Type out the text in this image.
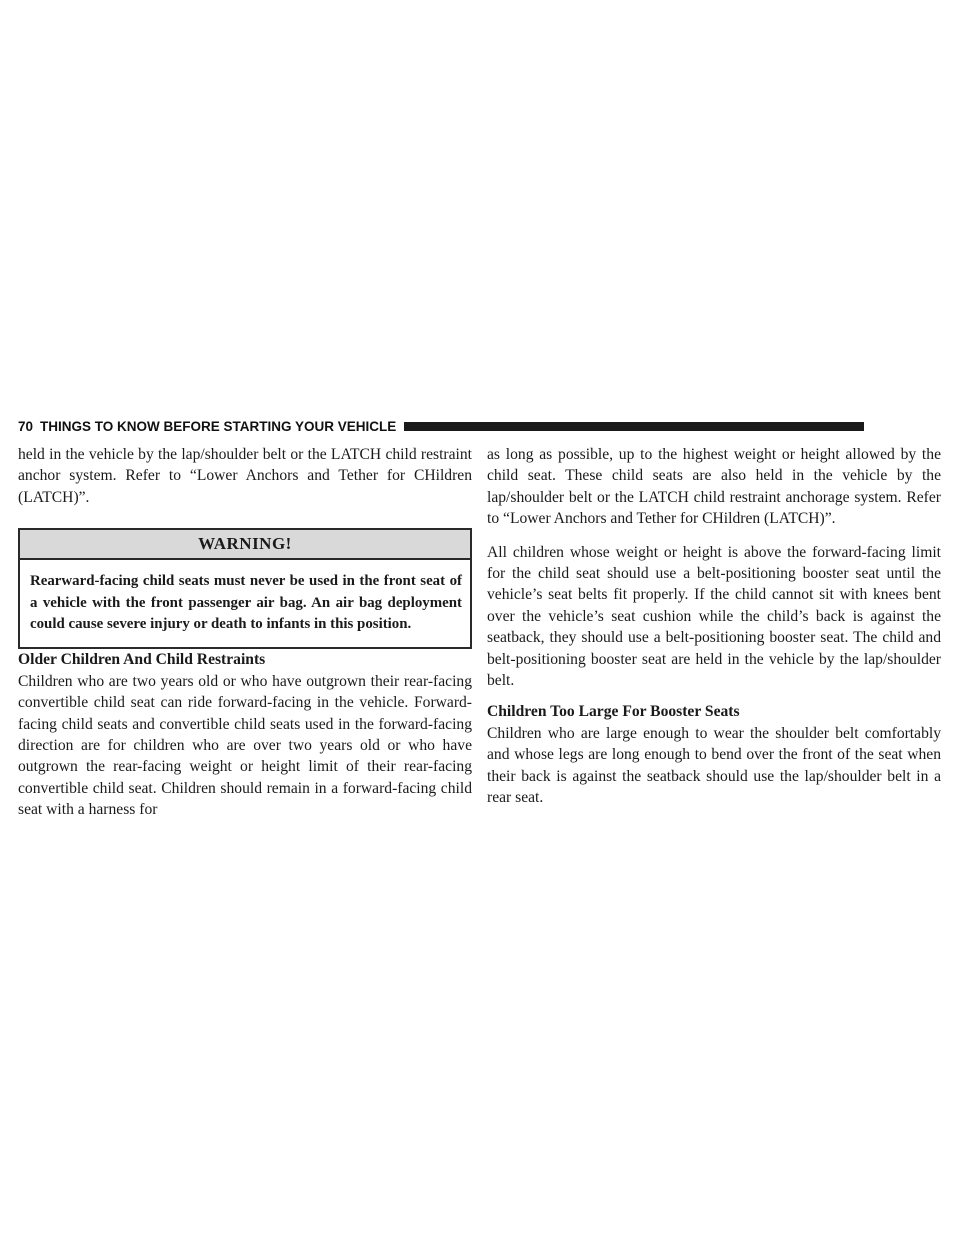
70 THINGS TO KNOW BEFORE STARTING YOUR VEHICLE

held in the vehicle by the lap/shoulder belt or the LATCH child restraint anchor system. Refer to “Lower Anchors and Tether for CHildren (LATCH)”.

WARNING!
Rearward-facing child seats must never be used in the front seat of a vehicle with the front passenger air bag. An air bag deployment could cause severe injury or death to infants in this position.

Older Children And Child Restraints

Children who are two years old or who have outgrown their rear-facing convertible child seat can ride forward-facing in the vehicle. Forward-facing child seats and convertible child seats used in the forward-facing direction are for children who are over two years old or who have outgrown the rear-facing weight or height limit of their rear-facing convertible child seat. Children should remain in a forward-facing child seat with a harness for

as long as possible, up to the highest weight or height allowed by the child seat. These child seats are also held in the vehicle by the lap/shoulder belt or the LATCH child restraint anchorage system. Refer to “Lower Anchors and Tether for CHildren (LATCH)”.

All children whose weight or height is above the forward-facing limit for the child seat should use a belt-positioning booster seat until the vehicle’s seat belts fit properly. If the child cannot sit with knees bent over the vehicle’s seat cushion while the child’s back is against the seatback, they should use a belt-positioning booster seat. The child and belt-positioning booster seat are held in the vehicle by the lap/shoulder belt.

Children Too Large For Booster Seats

Children who are large enough to wear the shoulder belt comfortably and whose legs are long enough to bend over the front of the seat when their back is against the seatback should use the lap/shoulder belt in a rear seat.
